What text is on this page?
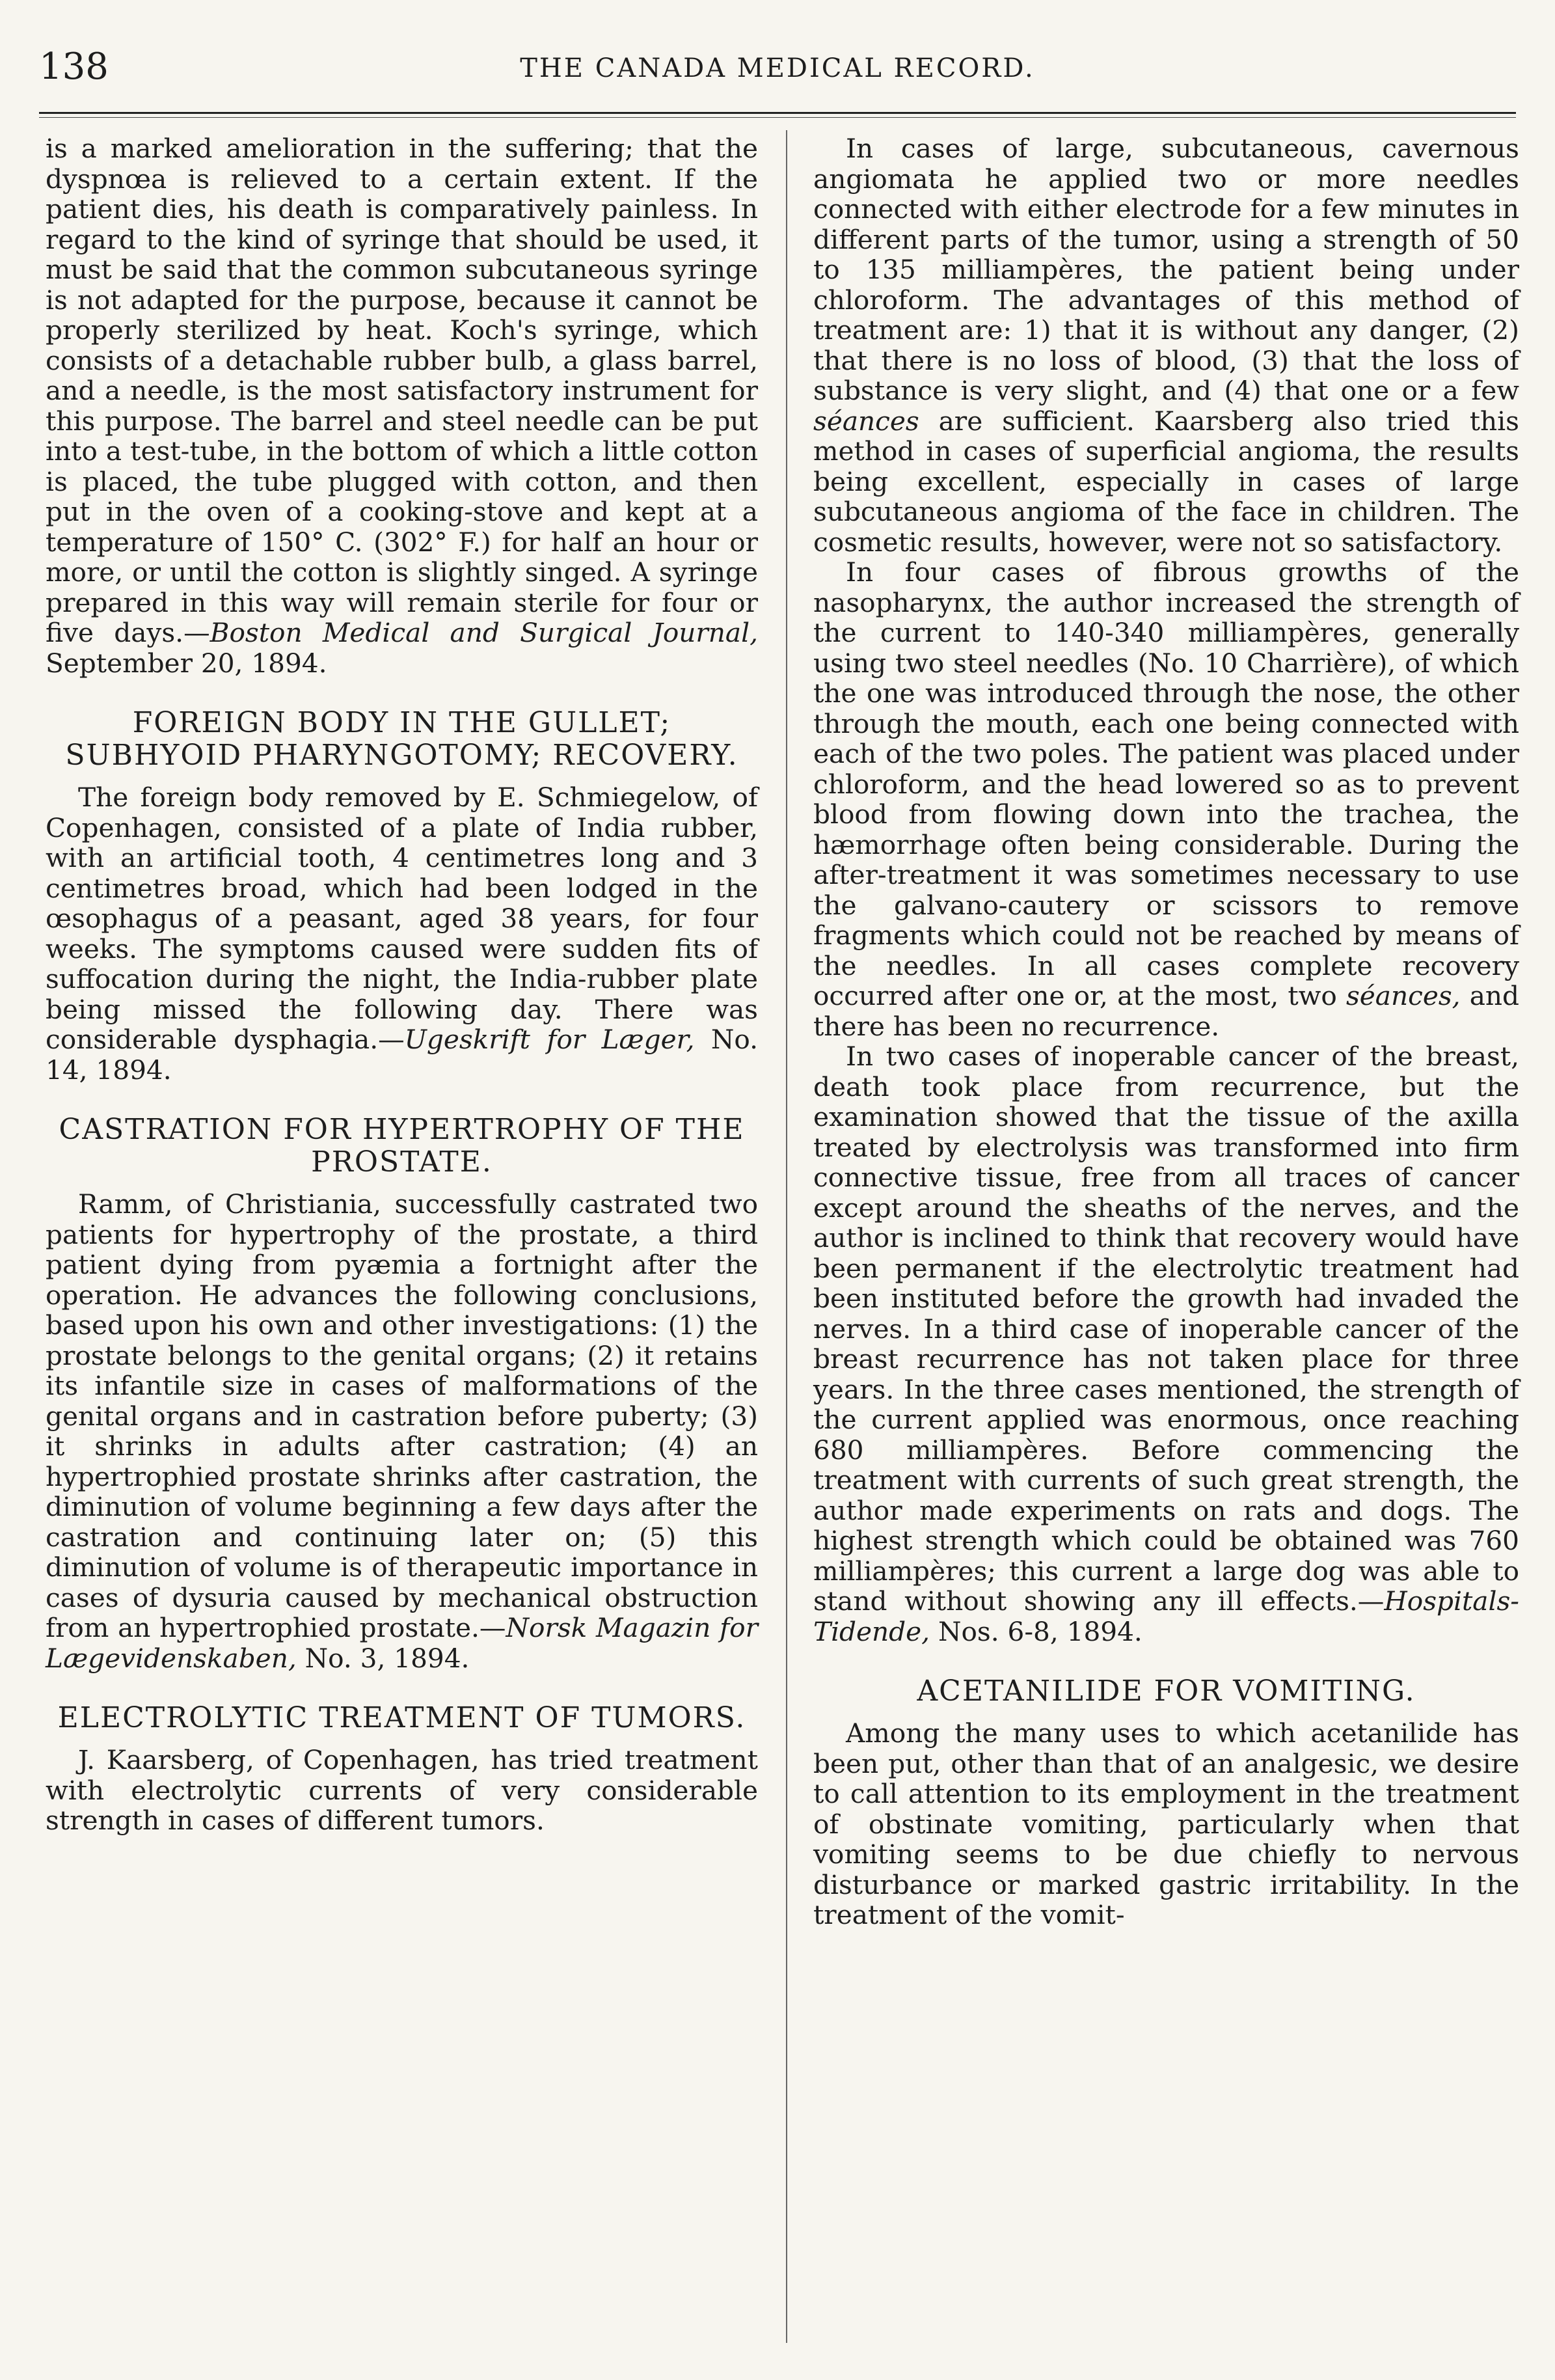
138	THE CANADA MEDICAL RECORD.

is a marked amelioration in the suffering; that the dyspnœa is relieved to a certain extent. If the patient dies, his death is comparatively painless. In regard to the kind of syringe that should be used, it must be said that the common subcutaneous syringe is not adapted for the purpose, because it cannot be properly sterilized by heat. Koch's syringe, which consists of a detachable rubber bulb, a glass barrel, and a needle, is the most satisfactory instrument for this purpose. The barrel and steel needle can be put into a test-tube, in the bottom of which a little cotton is placed, the tube plugged with cotton, and then put in the oven of a cooking-stove and kept at a temperature of 150° C. (302° F.) for half an hour or more, or until the cotton is slightly singed. A syringe prepared in this way will remain sterile for four or five days.—Boston Medical and Surgical Journal, September 20, 1894.

FOREIGN BODY IN THE GULLET; SUBHYOID PHARYNGOTOMY; RECOVERY.

The foreign body removed by E. Schmiegelow, of Copenhagen, consisted of a plate of India rubber, with an artificial tooth, 4 centimetres long and 3 centimetres broad, which had been lodged in the œsophagus of a peasant, aged 38 years, for four weeks. The symptoms caused were sudden fits of suffocation during the night, the India-rubber plate being missed the following day. There was considerable dysphagia.—Ugeskrift for Læger, No. 14, 1894.

CASTRATION FOR HYPERTROPHY OF THE PROSTATE.

Ramm, of Christiania, successfully castrated two patients for hypertrophy of the prostate, a third patient dying from pyæmia a fortnight after the operation. He advances the following conclusions, based upon his own and other investigations: (1) the prostate belongs to the genital organs; (2) it retains its infantile size in cases of malformations of the genital organs and in castration before puberty; (3) it shrinks in adults after castration; (4) an hypertrophied prostate shrinks after castration, the diminution of volume beginning a few days after the castration and continuing later on; (5) this diminution of volume is of therapeutic importance in cases of dysuria caused by mechanical obstruction from an hypertrophied prostate.—Norsk Magazin for Lægevidenskaben, No. 3, 1894.

ELECTROLYTIC TREATMENT OF TUMORS.

J. Kaarsberg, of Copenhagen, has tried treatment with electrolytic currents of very considerable strength in cases of different tumors.

In cases of large, subcutaneous, cavernous angiomata he applied two or more needles connected with either electrode for a few minutes in different parts of the tumor, using a strength of 50 to 135 milliampères, the patient being under chloroform. The advantages of this method of treatment are: 1) that it is without any danger, (2) that there is no loss of blood, (3) that the loss of substance is very slight, and (4) that one or a few séances are sufficient. Kaarsberg also tried this method in cases of superficial angioma, the results being excellent, especially in cases of large subcutaneous angioma of the face in children. The cosmetic results, however, were not so satisfactory.

In four cases of fibrous growths of the nasopharynx, the author increased the strength of the current to 140-340 milliampères, generally using two steel needles (No. 10 Charrière), of which the one was introduced through the nose, the other through the mouth, each one being connected with each of the two poles. The patient was placed under chloroform, and the head lowered so as to prevent blood from flowing down into the trachea, the hæmorrhage often being considerable. During the after-treatment it was sometimes necessary to use the galvano-cautery or scissors to remove fragments which could not be reached by means of the needles. In all cases complete recovery occurred after one or, at the most, two séances, and there has been no recurrence.

In two cases of inoperable cancer of the breast, death took place from recurrence, but the examination showed that the tissue of the axilla treated by electrolysis was transformed into firm connective tissue, free from all traces of cancer except around the sheaths of the nerves, and the author is inclined to think that recovery would have been permanent if the electrolytic treatment had been instituted before the growth had invaded the nerves. In a third case of inoperable cancer of the breast recurrence has not taken place for three years. In the three cases mentioned, the strength of the current applied was enormous, once reaching 680 milliampères. Before commencing the treatment with currents of such great strength, the author made experiments on rats and dogs. The highest strength which could be obtained was 760 milliampères; this current a large dog was able to stand without showing any ill effects.—Hospitals-Tidende, Nos. 6-8, 1894.

ACETANILIDE FOR VOMITING.

Among the many uses to which acetanilide has been put, other than that of an analgesic, we desire to call attention to its employment in the treatment of obstinate vomiting, particularly when that vomiting seems to be due chiefly to nervous disturbance or marked gastric irritability. In the treatment of the vomit-
